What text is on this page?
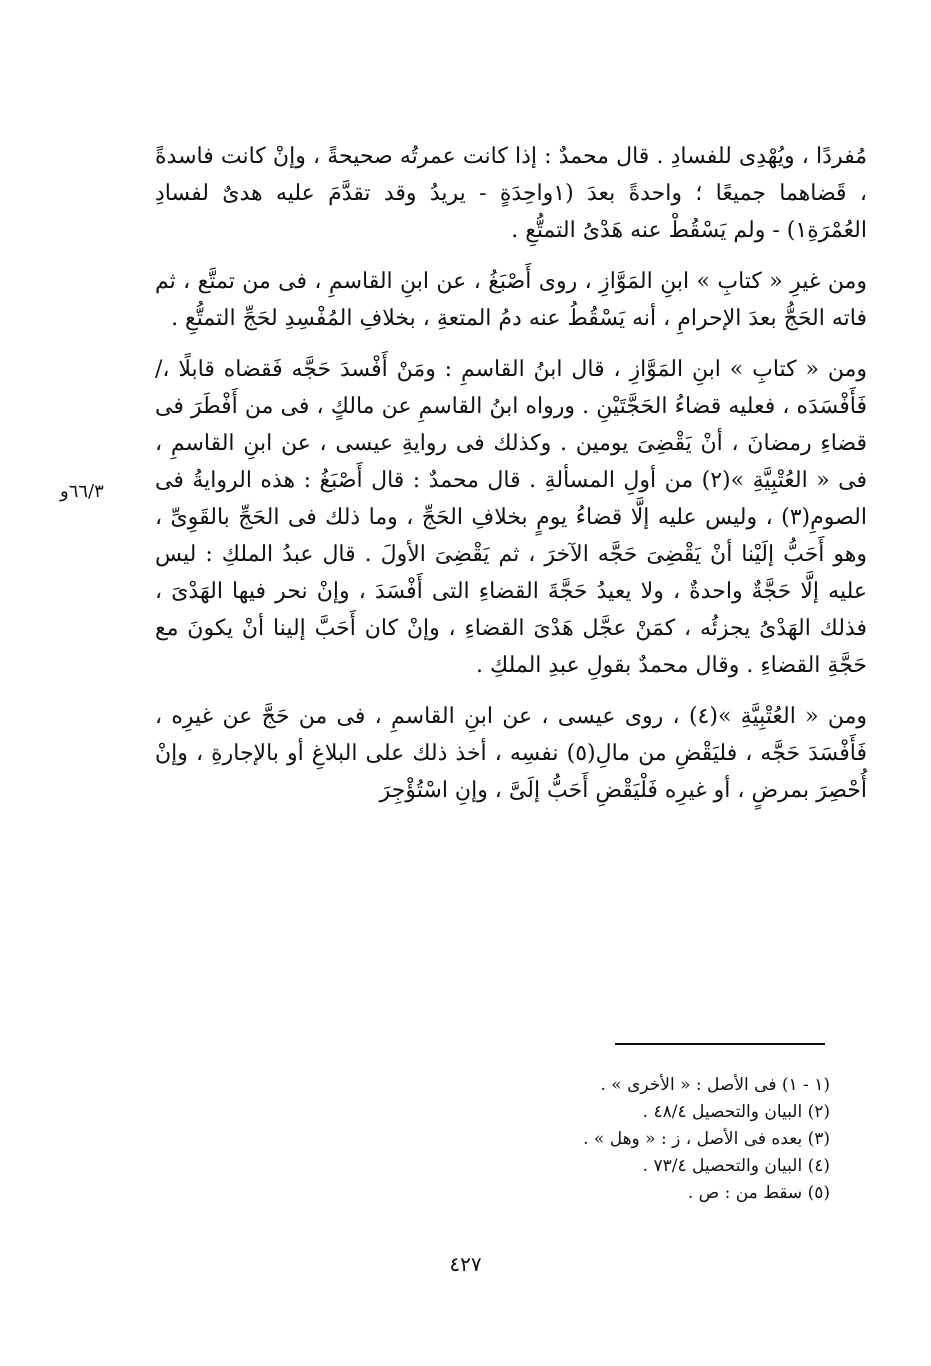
مُفردًا ، ويُهْدِى للفسادِ . قال محمدٌ : إذا كانت عمرتُه صحيحةً ، وإنْ كانت فاسدةً ، قَضاهما جميعًا ؛ واحدةً بعدَ (١واحِدَةٍ - يريدُ وقد تقدَّمَ عليه هدىٌ لفسادِ العُمْرَةِ١) - ولم يَسْقُطْ عنه هَدْىُ التمتُّعِ .

ومن غيرِ « كتابِ » ابنِ المَوَّازِ ، روى أَصْبَغُ ، عن ابنِ القاسمِ ، فى من تمتَّع ، ثم فاته الحَجُّ بعدَ الإحرامِ ، أنه يَسْقُطُ عنه دمُ المتعةِ ، بخلافِ المُفْسِدِ لحَجِّ التمتُّعِ .

ومن « كتابِ » ابنِ المَوَّازِ ، قال ابنُ القاسمِ : ومَنْ أَفْسدَ حَجَّه فَقضاه قابلًا ،/ فَأَفْسَدَه ، فعليه قضاءُ الحَجَّتَيْنِ . ورواه ابنُ القاسمِ عن مالكٍ ، فى من أَفْطَرَ فى قضاءِ رمضانَ ، أنْ يَقْضِىَ يومين . وكذلك فى روايةِ عيسى ، عن ابنِ القاسمِ ، فى « العُتْبِيَّةِ »(٢) من أولِ المسألةِ . قال محمدٌ : قال أَصْبَغُ : هذه الروايةُ فى الصومِ(٣) ، وليس عليه إلَّا قضاءُ يومٍ بخلافِ الحَجِّ ، وما ذلك فى الحَجِّ بالقَوِىِّ ، وهو أَحَبُّ إلَيْنا أنْ يَقْضِىَ حَجَّه الآخرَ ، ثم يَقْضِىَ الأولَ . قال عبدُ الملكِ : ليس عليه إلَّا حَجَّةٌ واحدةٌ ، ولا يعيدُ حَجَّةَ القضاءِ التى أَفْسَدَ ، وإنْ نحر فيها الهَدْىَ ، فذلك الهَدْىُ يجزئُه ، كمَنْ عجَّل هَدْىَ القضاءِ ، وإنْ كان أَحَبَّ إلينا أنْ يكونَ مع حَجَّةِ القضاءِ . وقال محمدٌ بقولِ عبدِ الملكِ .

ومن « العُتْبِيَّةِ »(٤) ، روى عيسى ، عن ابنِ القاسمِ ، فى من حَجَّ عن غيرِه ، فَأَفْسَدَ حَجَّه ، فليَقْضِ من مالِ(٥) نفسِه ، أخذ ذلك على البلاغِ أو بالإجارةِ ، وإنْ أُحْصِرَ بمرضٍ ، أو غيرِه فَلْيَقْضِ أَحَبُّ إلَىَّ ، وإنِ اسْتُؤْجِرَ

٦٦/٣و

(١ - ١) فى الأصل : « الأخرى » .

(٢) البيان والتحصيل ٤٨/٤ .

(٣) بعده فى الأصل ، ز : « وهل » .

(٤) البيان والتحصيل ٧٣/٤ .

(٥) سقط من : ص .

٤٢٧
